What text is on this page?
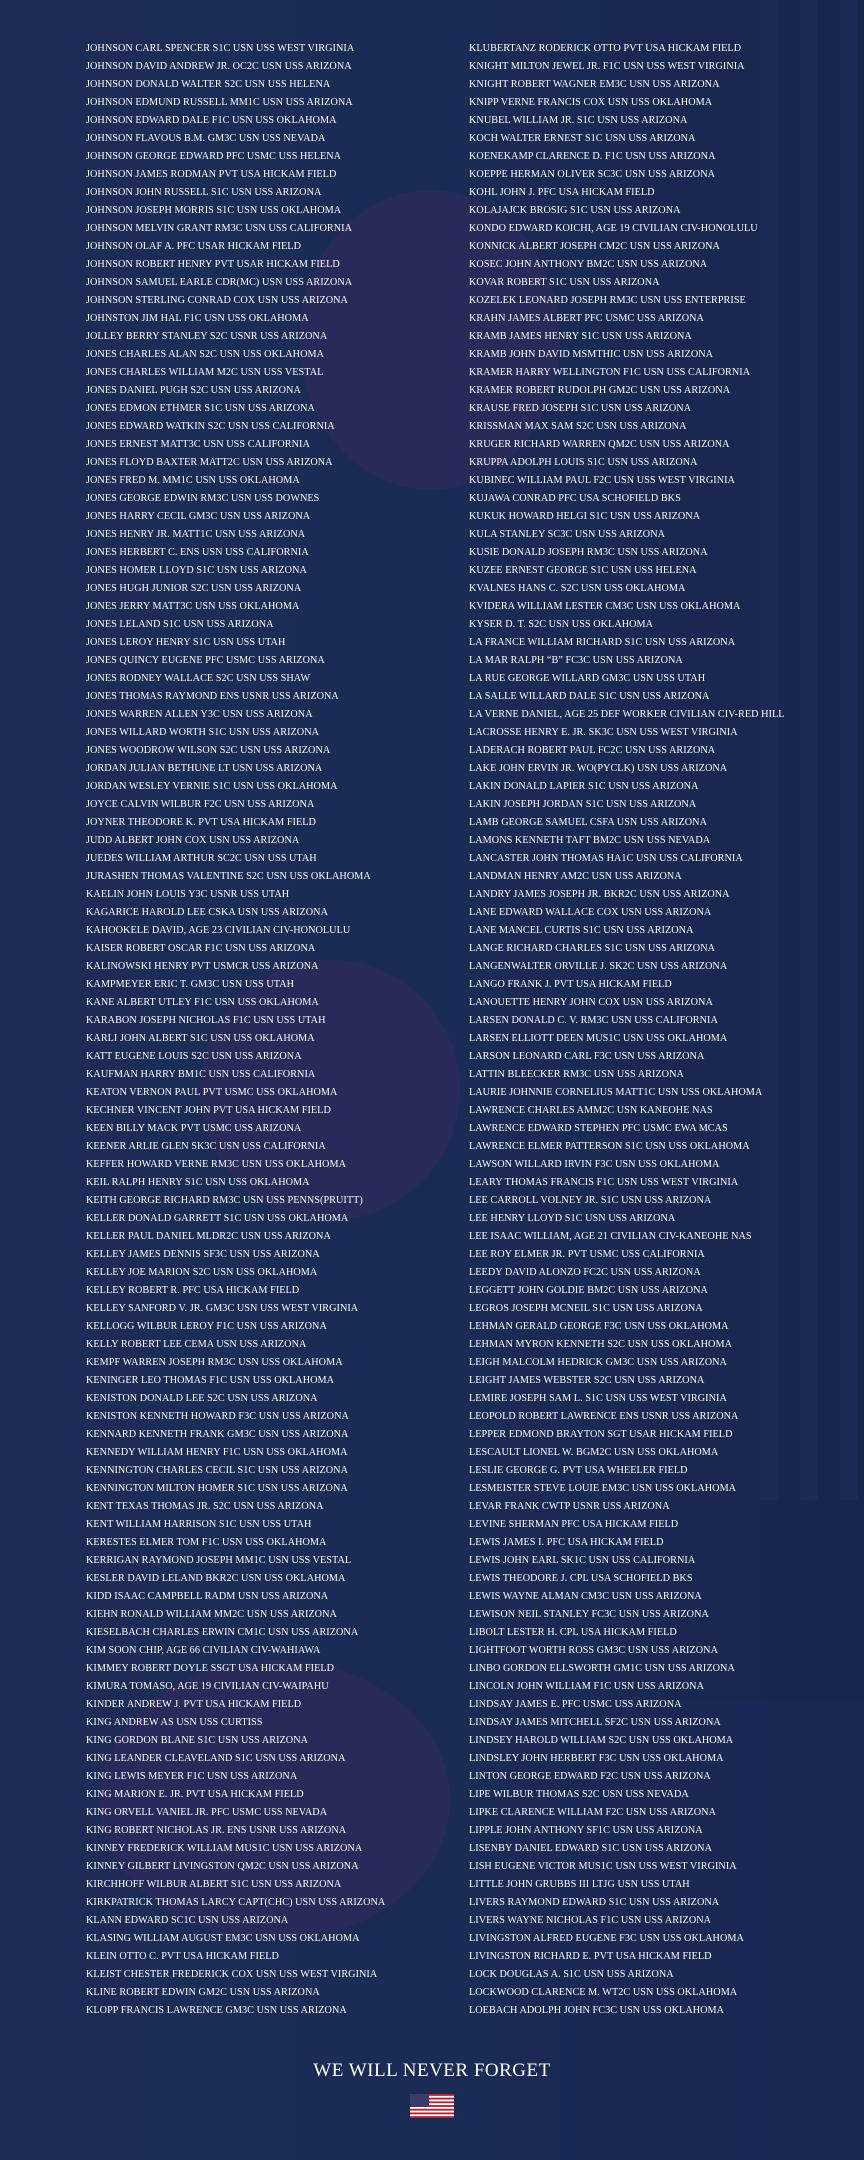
JOHNSON CARL SPENCER S1C USN USS WEST VIRGINIA
JOHNSON DAVID ANDREW JR. OC2C USN USS ARIZONA
JOHNSON DONALD WALTER S2C USN USS HELENA
JOHNSON EDMUND RUSSELL MM1C USN USS ARIZONA
JOHNSON EDWARD DALE F1C USN USS OKLAHOMA
JOHNSON FLAVOUS B.M. GM3C USN USS NEVADA
JOHNSON GEORGE EDWARD PFC USMC USS HELENA
JOHNSON JAMES RODMAN PVT USA HICKAM FIELD
JOHNSON JOHN RUSSELL S1C USN USS ARIZONA
JOHNSON JOSEPH MORRIS S1C USN USS OKLAHOMA
JOHNSON MELVIN GRANT RM3C USN USS CALIFORNIA
JOHNSON OLAF A. PFC USAR HICKAM FIELD
JOHNSON ROBERT HENRY PVT USAR HICKAM FIELD
JOHNSON SAMUEL EARLE CDR(MC) USN USS ARIZONA
JOHNSON STERLING CONRAD COX USN USS ARIZONA
JOHNSTON JIM HAL F1C USN USS OKLAHOMA
JOLLEY BERRY STANLEY S2C USNR USS ARIZONA
JONES CHARLES ALAN S2C USN USS OKLAHOMA
JONES CHARLES WILLIAM M2C USN USS VESTAL
JONES DANIEL PUGH S2C USN USS ARIZONA
JONES EDMON ETHMER S1C USN USS ARIZONA
JONES EDWARD WATKIN S2C USN USS CALIFORNIA
JONES ERNEST MATT3C USN USS CALIFORNIA
JONES FLOYD BAXTER MATT2C USN USS ARIZONA
JONES FRED M. MM1C USN USS OKLAHOMA
JONES GEORGE EDWIN RM3C USN USS DOWNES
JONES HARRY CECIL GM3C USN USS ARIZONA
JONES HENRY JR. MATT1C USN USS ARIZONA
JONES HERBERT C. ENS USN USS CALIFORNIA
JONES HOMER LLOYD S1C USN USS ARIZONA
JONES HUGH JUNIOR S2C USN USS ARIZONA
JONES JERRY MATT3C USN USS OKLAHOMA
JONES LELAND S1C USN USS ARIZONA
JONES LEROY HENRY S1C USN USS UTAH
JONES QUINCY EUGENE PFC USMC USS ARIZONA
JONES RODNEY WALLACE S2C USN USS SHAW
JONES THOMAS RAYMOND ENS USNR USS ARIZONA
JONES WARREN ALLEN Y3C USN USS ARIZONA
JONES WILLARD WORTH S1C USN USS ARIZONA
JONES WOODROW WILSON S2C USN USS ARIZONA
JORDAN JULIAN BETHUNE LT USN USS ARIZONA
JORDAN WESLEY VERNIE S1C USN USS OKLAHOMA
JOYCE CALVIN WILBUR F2C USN USS ARIZONA
JOYNER THEODORE K. PVT USA HICKAM FIELD
JUDD ALBERT JOHN COX USN USS ARIZONA
JUEDES WILLIAM ARTHUR SC2C USN USS UTAH
JURASHEN THOMAS VALENTINE S2C USN USS OKLAHOMA
KAELIN JOHN LOUIS Y3C USNR USS UTAH
KAGARICE HAROLD LEE CSKA USN USS ARIZONA
KAHOOKELE DAVID, AGE 23 CIVILIAN CIV-HONOLULU
KAISER ROBERT OSCAR F1C USN USS ARIZONA
KALINOWSKI HENRY PVT USMCR USS ARIZONA
KAMPMEYER ERIC T. GM3C USN USS UTAH
KANE ALBERT UTLEY F1C USN USS OKLAHOMA
KARABON JOSEPH NICHOLAS F1C USN USS UTAH
KARLI JOHN ALBERT S1C USN USS OKLAHOMA
KATT EUGENE LOUIS S2C USN USS ARIZONA
KAUFMAN HARRY BM1C USN USS CALIFORNIA
KEATON VERNON PAUL PVT USMC USS OKLAHOMA
KECHNER VINCENT JOHN PVT USA HICKAM FIELD
KEEN BILLY MACK PVT USMC USS ARIZONA
KEENER ARLIE GLEN SK3C USN USS CALIFORNIA
KEFFER HOWARD VERNE RM3C USN USS OKLAHOMA
KEIL RALPH HENRY S1C USN USS OKLAHOMA
KEITH GEORGE RICHARD RM3C USN USS PENNS(PRUITT)
KELLER DONALD GARRETT S1C USN USS OKLAHOMA
KELLER PAUL DANIEL MLDR2C USN USS ARIZONA
KELLEY JAMES DENNIS SF3C USN USS ARIZONA
KELLEY JOE MARION S2C USN USS OKLAHOMA
KELLEY ROBERT R. PFC USA HICKAM FIELD
KELLEY SANFORD V. JR. GM3C USN USS WEST VIRGINIA
KELLOGG WILBUR LEROY F1C USN USS ARIZONA
KELLY ROBERT LEE CEMA USN USS ARIZONA
KEMPF WARREN JOSEPH RM3C USN USS OKLAHOMA
KENINGER LEO THOMAS F1C USN USS OKLAHOMA
KENISTON DONALD LEE S2C USN USS ARIZONA
KENISTON KENNETH HOWARD F3C USN USS ARIZONA
KENNARD KENNETH FRANK GM3C USN USS ARIZONA
KENNEDY WILLIAM HENRY F1C USN USS OKLAHOMA
KENNINGTON CHARLES CECIL S1C USN USS ARIZONA
KENNINGTON MILTON HOMER S1C USN USS ARIZONA
KENT TEXAS THOMAS JR. S2C USN USS ARIZONA
KENT WILLIAM HARRISON S1C USN USS UTAH
KERESTES ELMER TOM F1C USN USS OKLAHOMA
KERRIGAN RAYMOND JOSEPH MM1C USN USS VESTAL
KESLER DAVID LELAND BKR2C USN USS OKLAHOMA
KIDD ISAAC CAMPBELL RADM USN USS ARIZONA
KIEHN RONALD WILLIAM MM2C USN USS ARIZONA
KIESELBACH CHARLES ERWIN CM1C USN USS ARIZONA
KIM SOON CHIP, AGE 66 CIVILIAN CIV-WAHIAWA
KIMMEY ROBERT DOYLE SSGT USA HICKAM FIELD
KIMURA TOMASO, AGE 19 CIVILIAN CIV-WAIPAHU
KINDER ANDREW J. PVT USA HICKAM FIELD
KING ANDREW AS USN USS CURTISS
KING GORDON BLANE S1C USN USS ARIZONA
KING LEANDER CLEAVELAND S1C USN USS ARIZONA
KING LEWIS MEYER F1C USN USS ARIZONA
KING MARION E. JR. PVT USA HICKAM FIELD
KING ORVELL VANIEL JR. PFC USMC USS NEVADA
KING ROBERT NICHOLAS JR. ENS USNR USS ARIZONA
KINNEY FREDERICK WILLIAM MUS1C USN USS ARIZONA
KINNEY GILBERT LIVINGSTON QM2C USN USS ARIZONA
KIRCHHOFF WILBUR ALBERT S1C USN USS ARIZONA
KIRKPATRICK THOMAS LARCY CAPT(CHC) USN USS ARIZONA
KLANN EDWARD SC1C USN USS ARIZONA
KLASING WILLIAM AUGUST EM3C USN USS OKLAHOMA
KLEIN OTTO C. PVT USA HICKAM FIELD
KLEIST CHESTER FREDERICK COX USN USS WEST VIRGINIA
KLINE ROBERT EDWIN GM2C USN USS ARIZONA
KLOPP FRANCIS LAWRENCE GM3C USN USS ARIZONA
KLUBERTANZ RODERICK OTTO PVT USA HICKAM FIELD
KNIGHT MILTON JEWEL JR. F1C USN USS WEST VIRGINIA
KNIGHT ROBERT WAGNER EM3C USN USS ARIZONA
KNIPP VERNE FRANCIS COX USN USS OKLAHOMA
KNUBEL WILLIAM JR. S1C USN USS ARIZONA
KOCH WALTER ERNEST S1C USN USS ARIZONA
KOENEKAMP CLARENCE D. F1C USN USS ARIZONA
KOEPPE HERMAN OLIVER SC3C USN USS ARIZONA
KOHL JOHN J. PFC USA HICKAM FIELD
KOLAJAJCK BROSIG S1C USN USS ARIZONA
KONDO EDWARD KOICHI, AGE 19 CIVILIAN CIV-HONOLULU
KONNICK ALBERT JOSEPH CM2C USN USS ARIZONA
KOSEC JOHN ANTHONY BM2C USN USS ARIZONA
KOVAR ROBERT S1C USN USS ARIZONA
KOZELEK LEONARD JOSEPH RM3C USN USS ENTERPRISE
KRAHN JAMES ALBERT PFC USMC USS ARIZONA
KRAMB JAMES HENRY S1C USN USS ARIZONA
KRAMB JOHN DAVID MSMTHIC USN USS ARIZONA
KRAMER HARRY WELLINGTON F1C USN USS CALIFORNIA
KRAMER ROBERT RUDOLPH GM2C USN USS ARIZONA
KRAUSE FRED JOSEPH S1C USN USS ARIZONA
KRISSMAN MAX SAM S2C USN USS ARIZONA
KRUGER RICHARD WARREN QM2C USN USS ARIZONA
KRUPPA ADOLPH LOUIS S1C USN USS ARIZONA
KUBINEC WILLIAM PAUL F2C USN USS WEST VIRGINIA
KUJAWA CONRAD PFC USA SCHOFIELD BKS
KUKUK HOWARD HELGI S1C USN USS ARIZONA
KULA STANLEY SC3C USN USS ARIZONA
KUSIE DONALD JOSEPH RM3C USN USS ARIZONA
KUZEE ERNEST GEORGE S1C USN USS HELENA
KVALNES HANS C. S2C USN USS OKLAHOMA
KVIDERA WILLIAM LESTER CM3C USN USS OKLAHOMA
KYSER D. T. S2C USN USS OKLAHOMA
LA FRANCE WILLIAM RICHARD S1C USN USS ARIZONA
LA MAR RALPH “B” FC3C USN USS ARIZONA
LA RUE GEORGE WILLARD GM3C USN USS UTAH
LA SALLE WILLARD DALE S1C USN USS ARIZONA
LA VERNE DANIEL, AGE 25 DEF WORKER CIVILIAN CIV-RED HILL
LACROSSE HENRY E. JR. SK3C USN USS WEST VIRGINIA
LADERACH ROBERT PAUL FC2C USN USS ARIZONA
LAKE JOHN ERVIN JR. WO(PYCLK) USN USS ARIZONA
LAKIN DONALD LAPIER S1C USN USS ARIZONA
LAKIN JOSEPH JORDAN S1C USN USS ARIZONA
LAMB GEORGE SAMUEL CSFA USN USS ARIZONA
LAMONS KENNETH TAFT BM2C USN USS NEVADA
LANCASTER JOHN THOMAS HA1C USN USS CALIFORNIA
LANDMAN HENRY AM2C USN USS ARIZONA
LANDRY JAMES JOSEPH JR. BKR2C USN USS ARIZONA
LANE EDWARD WALLACE COX USN USS ARIZONA
LANE MANCEL CURTIS S1C USN USS ARIZONA
LANGE RICHARD CHARLES S1C USN USS ARIZONA
LANGENWALTER ORVILLE J. SK2C USN USS ARIZONA
LANGO FRANK J. PVT USA HICKAM FIELD
LANOUETTE HENRY JOHN COX USN USS ARIZONA
LARSEN DONALD C. V. RM3C USN USS CALIFORNIA
LARSEN ELLIOTT DEEN MUS1C USN USS OKLAHOMA
LARSON LEONARD CARL F3C USN USS ARIZONA
LATTIN BLEECKER RM3C USN USS ARIZONA
LAURIE JOHNNIE CORNELIUS MATT1C USN USS OKLAHOMA
LAWRENCE CHARLES AMM2C USN KANEOHE NAS
LAWRENCE EDWARD STEPHEN PFC USMC EWA MCAS
LAWRENCE ELMER PATTERSON S1C USN USS OKLAHOMA
LAWSON WILLARD IRVIN F3C USN USS OKLAHOMA
LEARY THOMAS FRANCIS F1C USN USS WEST VIRGINIA
LEE CARROLL VOLNEY JR. S1C USN USS ARIZONA
LEE HENRY LLOYD S1C USN USS ARIZONA
LEE ISAAC WILLIAM, AGE 21 CIVILIAN CIV-KANEOHE NAS
LEE ROY ELMER JR. PVT USMC USS CALIFORNIA
LEEDY DAVID ALONZO FC2C USN USS ARIZONA
LEGGETT JOHN GOLDIE BM2C USN USS ARIZONA
LEGROS JOSEPH MCNEIL S1C USN USS ARIZONA
LEHMAN GERALD GEORGE F3C USN USS OKLAHOMA
LEHMAN MYRON KENNETH S2C USN USS OKLAHOMA
LEIGH MALCOLM HEDRICK GM3C USN USS ARIZONA
LEIGHT JAMES WEBSTER S2C USN USS ARIZONA
LEMIRE JOSEPH SAM L. S1C USN USS WEST VIRGINIA
LEOPOLD ROBERT LAWRENCE ENS USNR USS ARIZONA
LEPPER EDMOND BRAYTON SGT USAR HICKAM FIELD
LESCAULT LIONEL W. BGM2C USN USS OKLAHOMA
LESLIE GEORGE G. PVT USA WHEELER FIELD
LESMEISTER STEVE LOUIE EM3C USN USS OKLAHOMA
LEVAR FRANK CWTP USNR USS ARIZONA
LEVINE SHERMAN PFC USA HICKAM FIELD
LEWIS JAMES I. PFC USA HICKAM FIELD
LEWIS JOHN EARL SK1C USN USS CALIFORNIA
LEWIS THEODORE J. CPL USA SCHOFIELD BKS
LEWIS WAYNE ALMAN CM3C USN USS ARIZONA
LEWISON NEIL STANLEY FC3C USN USS ARIZONA
LIBOLT LESTER H. CPL USA HICKAM FIELD
LIGHTFOOT WORTH ROSS GM3C USN USS ARIZONA
LINBO GORDON ELLSWORTH GM1C USN USS ARIZONA
LINCOLN JOHN WILLIAM F1C USN USS ARIZONA
LINDSAY JAMES E. PFC USMC USS ARIZONA
LINDSAY JAMES MITCHELL SF2C USN USS ARIZONA
LINDSEY HAROLD WILLIAM S2C USN USS OKLAHOMA
LINDSLEY JOHN HERBERT F3C USN USS OKLAHOMA
LINTON GEORGE EDWARD F2C USN USS ARIZONA
LIPE WILBUR THOMAS S2C USN USS NEVADA
LIPKE CLARENCE WILLIAM F2C USN USS ARIZONA
LIPPLE JOHN ANTHONY SF1C USN USS ARIZONA
LISENBY DANIEL EDWARD S1C USN USS ARIZONA
LISH EUGENE VICTOR MUS1C USN USS WEST VIRGINIA
LITTLE JOHN GRUBBS III LTJG USN USS UTAH
LIVERS RAYMOND EDWARD S1C USN USS ARIZONA
LIVERS WAYNE NICHOLAS F1C USN USS ARIZONA
LIVINGSTON ALFRED EUGENE F3C USN USS OKLAHOMA
LIVINGSTON RICHARD E. PVT USA HICKAM FIELD
LOCK DOUGLAS A. S1C USN USS ARIZONA
LOCKWOOD CLARENCE M. WT2C USN USS OKLAHOMA
LOEBACH ADOLPH JOHN FC3C USN USS OKLAHOMA
WE WILL NEVER FORGET
